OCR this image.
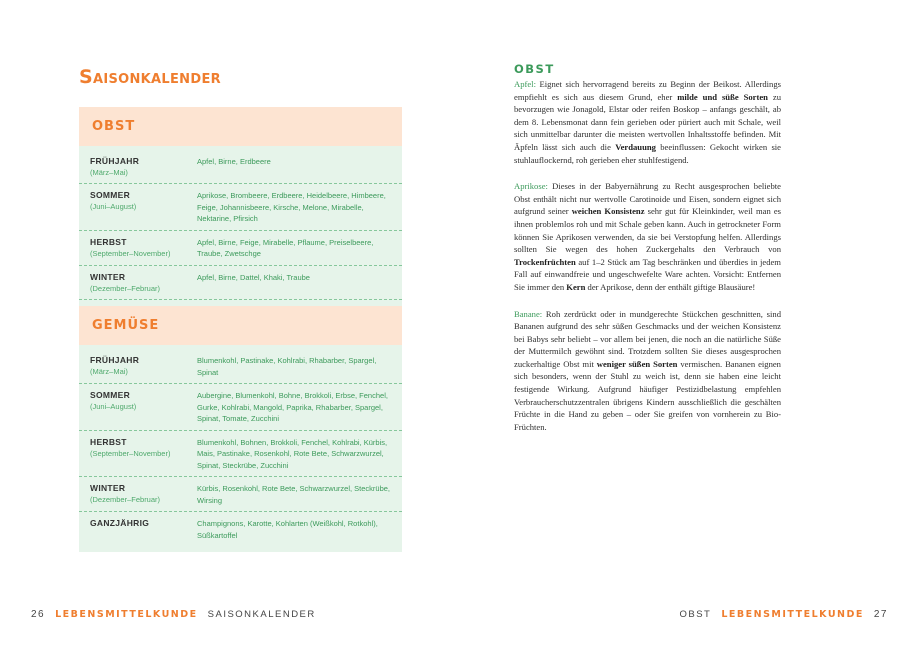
Saisonkalender
OBST
FRÜHJAHR
(März–Mai)
Apfel, Birne, Erdbeere
SOMMER
(Juni–August)
Aprikose, Brombeere, Erdbeere, Heidelbeere, Himbeere, Feige, Johannisbeere, Kirsche, Melone, Mirabelle, Nektarine, Pfirsich
HERBST
(September–November)
Apfel, Birne, Feige, Mirabelle, Pflaume, Preiselbeere, Traube, Zwetschge
WINTER
(Dezember–Februar)
Apfel, Birne, Dattel, Khaki, Traube
GEMÜSE
FRÜHJAHR
(März–Mai)
Blumenkohl, Pastinake, Kohlrabi, Rhabarber, Spargel, Spinat
SOMMER
(Juni–August)
Aubergine, Blumenkohl, Bohne, Brokkoli, Erbse, Fenchel, Gurke, Kohlrabi, Mangold, Paprika, Rhabarber, Spargel, Spinat, Tomate, Zucchini
HERBST
(September–November)
Blumenkohl, Bohnen, Brokkoli, Fenchel, Kohlrabi, Kürbis, Mais, Pastinake, Rosenkohl, Rote Bete, Schwarzwurzel, Spinat, Steckrübe, Zucchini
WINTER
(Dezember–Februar)
Kürbis, Rosenkohl, Rote Bete, Schwarzwurzel, Steckrübe, Wirsing
GANZJÄHRIG	Champignons, Karotte, Kohlarten (Weißkohl, Rotkohl), Süßkartoffel
OBST

Apfel: Eignet sich hervorragend bereits zu Beginn der Beikost. Allerdings empfiehlt es sich aus diesem Grund, eher milde und süße Sorten zu bevorzugen wie Jonagold, Elstar oder reifen Boskop – anfangs geschält, ab dem 8. Lebensmonat dann fein gerieben oder püriert auch mit Schale, weil sich unmittelbar darunter die meisten wertvollen Inhaltsstoffe befinden. Mit Äpfeln lässt sich auch die Verdauung beeinflussen: Gekocht wirken sie stuhlauflockernd, roh gerieben eher stuhlfestigend.

Aprikose: Dieses in der Babyernährung zu Recht ausgesprochen beliebte Obst enthält nicht nur wertvolle Carotinoide und Eisen, sondern eignet sich aufgrund seiner weichen Konsistenz sehr gut für Kleinkinder, weil man es ihnen problemlos roh und mit Schale geben kann. Auch in getrockneter Form können Sie Aprikosen verwenden, da sie bei Verstopfung helfen. Allerdings sollten Sie wegen des hohen Zuckergehalts den Verbrauch von Trockenfrüchten auf 1–2 Stück am Tag beschränken und überdies in jedem Fall auf einwandfreie und ungeschwefelte Ware achten. Vorsicht: Entfernen Sie immer den Kern der Aprikose, denn der enthält giftige Blausäure!

Banane: Roh zerdrückt oder in mundgerechte Stückchen geschnitten, sind Bananen aufgrund des sehr süßen Geschmacks und der weichen Konsistenz bei Babys sehr beliebt – vor allem bei jenen, die noch an die natürliche Süße der Muttermilch gewöhnt sind. Trotzdem sollten Sie dieses ausgesprochen zuckerhaltige Obst mit weniger süßen Sorten vermischen. Bananen eignen sich besonders, wenn der Stuhl zu weich ist, denn sie haben eine leicht festigende Wirkung. Aufgrund häufiger Pestizidbelastung empfehlen Verbraucherschutzzentralen übrigens Kindern ausschließlich die geschälten Früchte in die Hand zu geben – oder Sie greifen von vornherein zu Bio-Früchten.

26 LEBENSMITTELKUNDE SAISONKALENDER	OBST LEBENSMITTELKUNDE 27
